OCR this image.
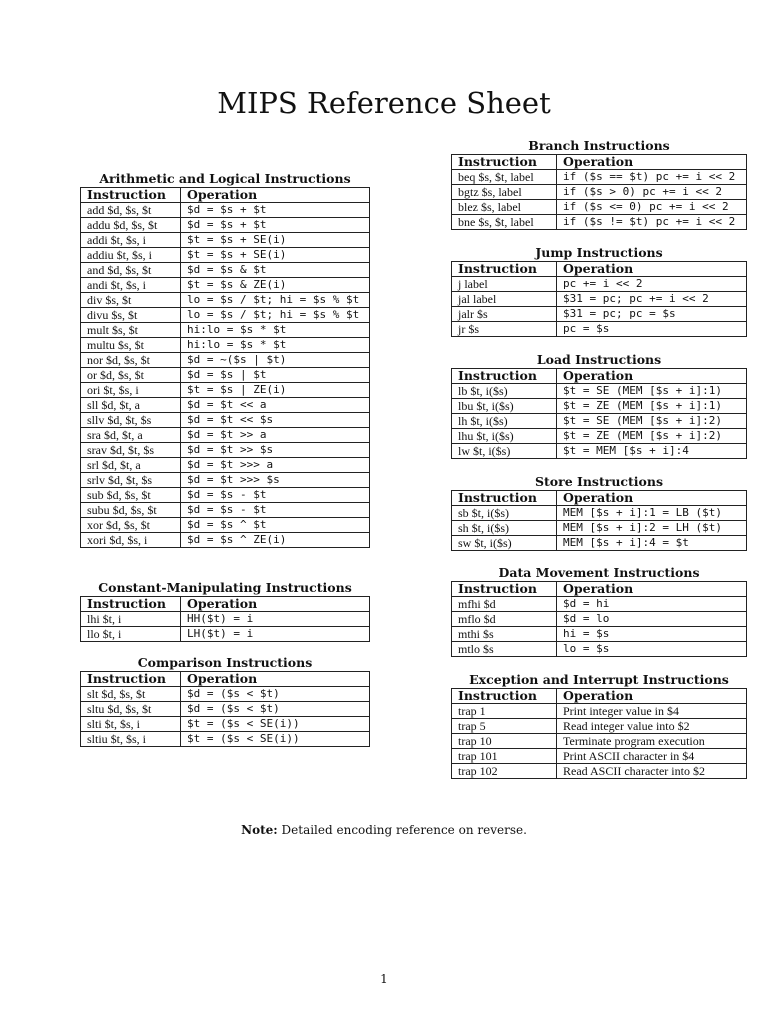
MIPS Reference Sheet
Arithmetic and Logical Instructions
Instruction	Operation
add $d, $s, $t	$d = $s + $t
addu $d, $s, $t	$d = $s + $t
addi $t, $s, i	$t = $s + SE(i)
addiu $t, $s, i	$t = $s + SE(i)
and $d, $s, $t	$d = $s & $t
andi $t, $s, i	$t = $s & ZE(i)
div $s, $t	lo = $s / $t; hi = $s % $t
divu $s, $t	lo = $s / $t; hi = $s % $t
mult $s, $t	hi:lo = $s * $t
multu $s, $t	hi:lo = $s * $t
nor $d, $s, $t	$d = ~($s | $t)
or $d, $s, $t	$d = $s | $t
ori $t, $s, i	$t = $s | ZE(i)
sll $d, $t, a	$d = $t << a
sllv $d, $t, $s	$d = $t << $s
sra $d, $t, a	$d = $t >> a
srav $d, $t, $s	$d = $t >> $s
srl $d, $t, a	$d = $t >>> a
srlv $d, $t, $s	$d = $t >>> $s
sub $d, $s, $t	$d = $s - $t
subu $d, $s, $t	$d = $s - $t
xor $d, $s, $t	$d = $s ^ $t
xori $d, $s, i	$d = $s ^ ZE(i)
Constant-Manipulating Instructions
Instruction	Operation
lhi $t, i	HH($t) = i
llo $t, i	LH($t) = i
Comparison Instructions
Instruction	Operation
slt $d, $s, $t	$d = ($s < $t)
sltu $d, $s, $t	$d = ($s < $t)
slti $t, $s, i	$t = ($s < SE(i))
sltiu $t, $s, i	$t = ($s < SE(i))
Branch Instructions
Instruction	Operation
beq $s, $t, label	if ($s == $t) pc += i << 2
bgtz $s, label	if ($s > 0) pc += i << 2
blez $s, label	if ($s <= 0) pc += i << 2
bne $s, $t, label	if ($s != $t) pc += i << 2
Jump Instructions
Instruction	Operation
j label	pc += i << 2
jal label	$31 = pc; pc += i << 2
jalr $s	$31 = pc; pc = $s
jr $s	pc = $s
Load Instructions
Instruction	Operation
lb $t, i($s)	$t = SE (MEM [$s + i]:1)
lbu $t, i($s)	$t = ZE (MEM [$s + i]:1)
lh $t, i($s)	$t = SE (MEM [$s + i]:2)
lhu $t, i($s)	$t = ZE (MEM [$s + i]:2)
lw $t, i($s)	$t = MEM [$s + i]:4
Store Instructions
Instruction	Operation
sb $t, i($s)	MEM [$s + i]:1 = LB ($t)
sh $t, i($s)	MEM [$s + i]:2 = LH ($t)
sw $t, i($s)	MEM [$s + i]:4 = $t
Data Movement Instructions
Instruction	Operation
mfhi $d	$d = hi
mflo $d	$d = lo
mthi $s	hi = $s
mtlo $s	lo = $s
Exception and Interrupt Instructions
Instruction	Operation
trap 1	Print integer value in $4
trap 5	Read integer value into $2
trap 10	Terminate program execution
trap 101	Print ASCII character in $4
trap 102	Read ASCII character into $2
Note: Detailed encoding reference on reverse.
1
